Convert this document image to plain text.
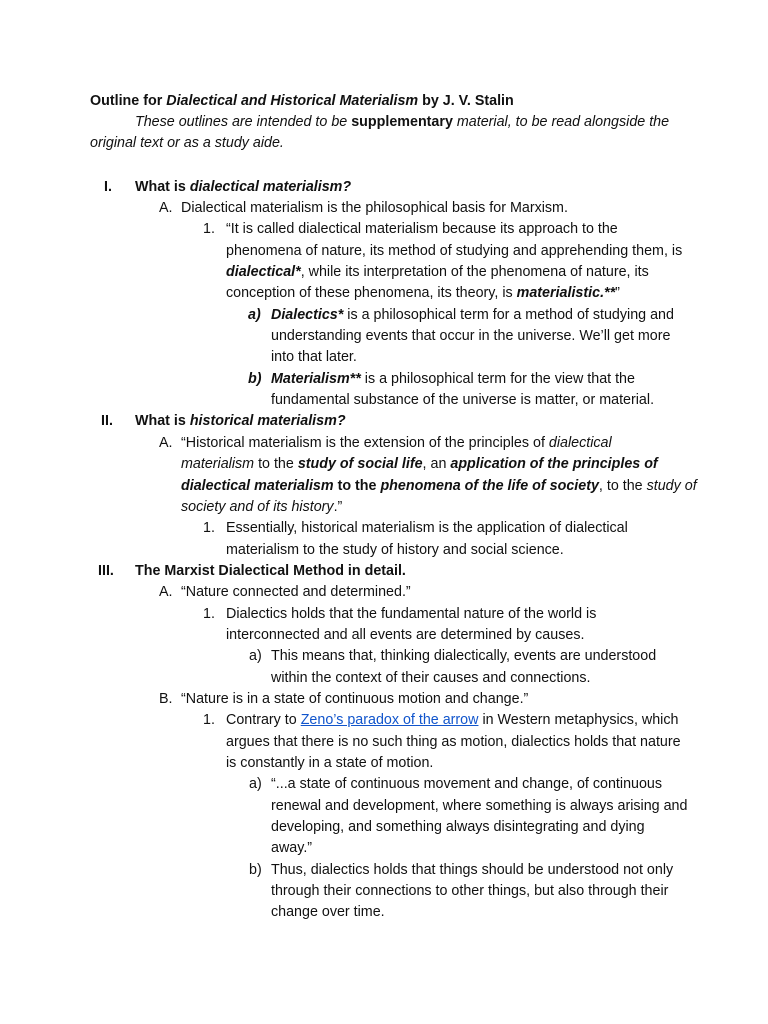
Outline for Dialectical and Historical Materialism by J. V. Stalin
These outlines are intended to be supplementary material, to be read alongside the
original text or as a study aide.
I. What is dialectical materialism?
A. Dialectical materialism is the philosophical basis for Marxism.
1. “It is called dialectical materialism because its approach to the
phenomena of nature, its method of studying and apprehending them, is
dialectical*, while its interpretation of the phenomena of nature, its
conception of these phenomena, its theory, is materialistic.**”
a) Dialectics* is a philosophical term for a method of studying and
understanding events that occur in the universe. We’ll get more
into that later.
b) Materialism** is a philosophical term for the view that the
fundamental substance of the universe is matter, or material.
II. What is historical materialism?
A. “Historical materialism is the extension of the principles of dialectical
materialism to the study of social life, an application of the principles of
dialectical materialism to the phenomena of the life of society, to the study of
society and of its history.”
1. Essentially, historical materialism is the application of dialectical
materialism to the study of history and social science.
III. The Marxist Dialectical Method in detail.
A. “Nature connected and determined.”
1. Dialectics holds that the fundamental nature of the world is
interconnected and all events are determined by causes.
a) This means that, thinking dialectically, events are understood
within the context of their causes and connections.
B. “Nature is in a state of continuous motion and change.”
1. Contrary to Zeno’s paradox of the arrow in Western metaphysics, which
argues that there is no such thing as motion, dialectics holds that nature
is constantly in a state of motion.
a) “...a state of continuous movement and change, of continuous
renewal and development, where something is always arising and
developing, and something always disintegrating and dying
away.”
b) Thus, dialectics holds that things should be understood not only
through their connections to other things, but also through their
change over time.
